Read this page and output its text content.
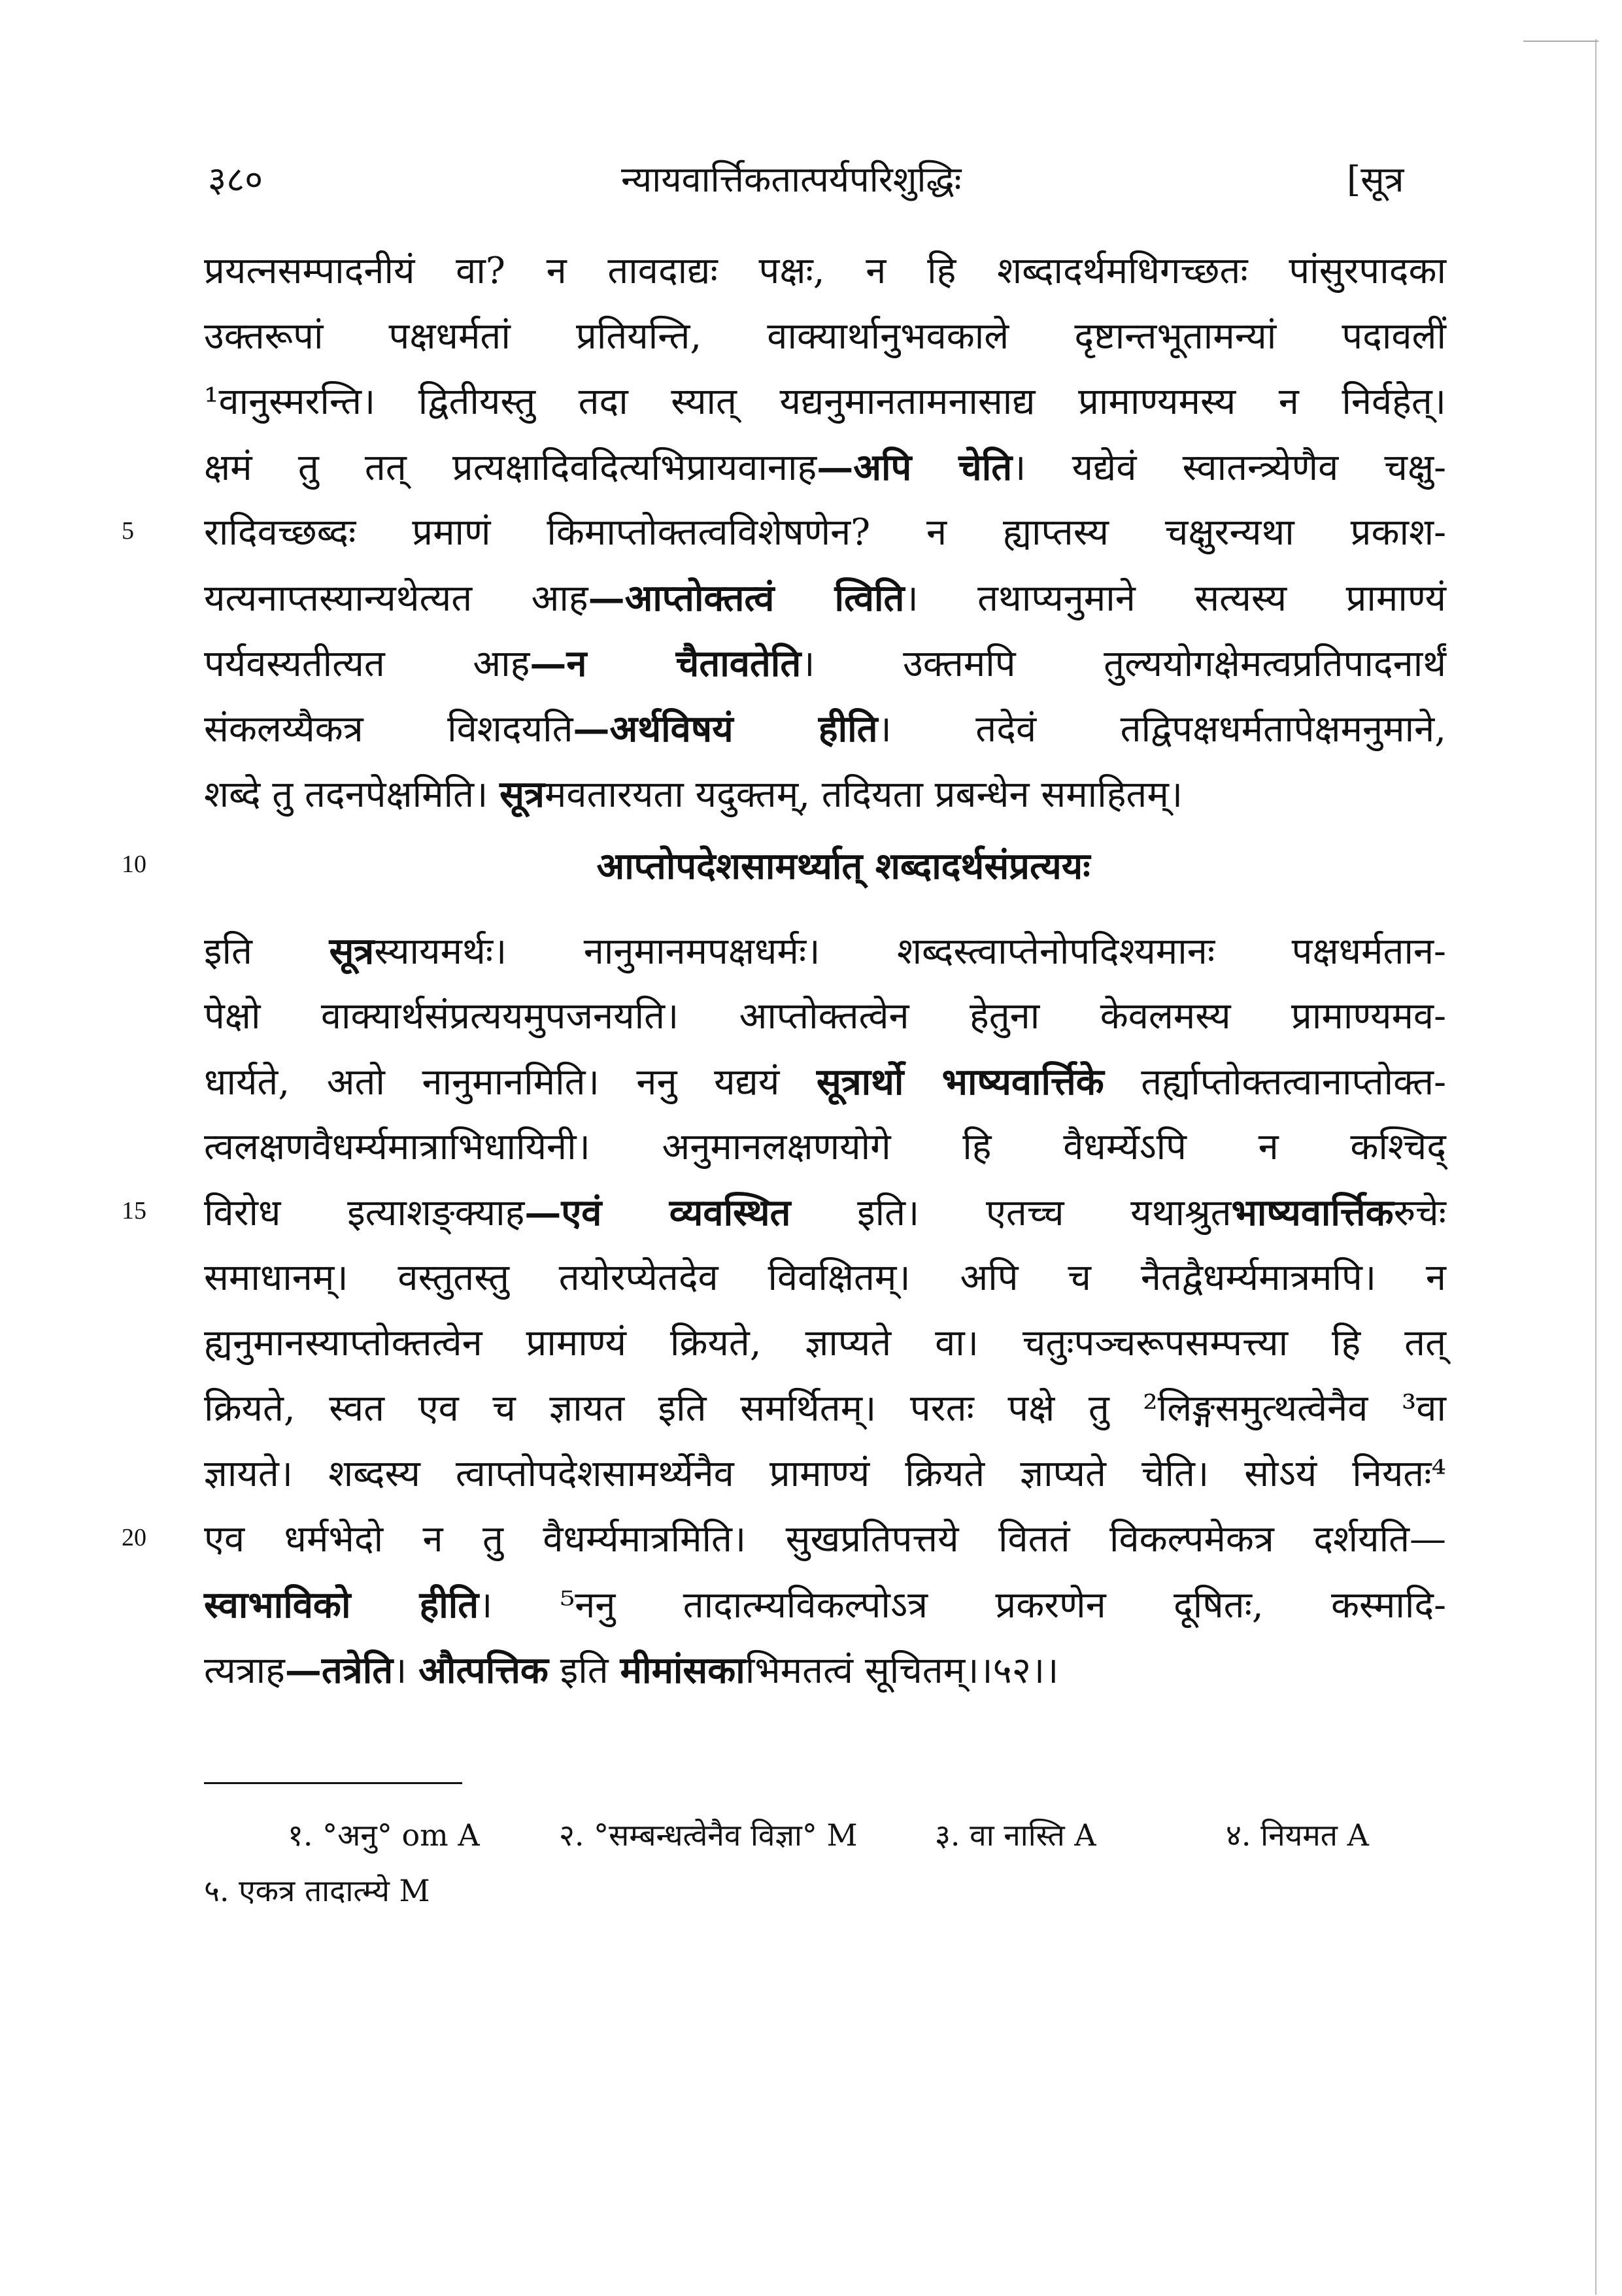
३८०	न्यायवार्त्तिकतात्पर्यपरिशुद्धिः	[सूत्र
प्रयत्नसम्पादनीयं वा? न तावदाद्यः पक्षः, न हि शब्दादर्थमधिगच्छतः पांसुरपादका
उक्तरूपां पक्षधर्मतां प्रतियन्ति, वाक्यार्थानुभवकाले दृष्टान्तभूतामन्यां पदावलीं
¹वानुस्मरन्ति। द्वितीयस्तु तदा स्यात् यद्यनुमानतामनासाद्य प्रामाण्यमस्य न निर्वहेत्।
क्षमं तु तत् प्रत्यक्षादिवदित्यभिप्रायवानाह—अपि चेति। यद्येवं स्वातन्त्र्येणैव चक्षु-
रादिवच्छब्दः प्रमाणं किमाप्तोक्तत्वविशेषणेन? न ह्याप्तस्य चक्षुरन्यथा प्रकाश-
यत्यनाप्तस्यान्यथेत्यत आह—आप्तोक्तत्वं त्विति। तथाप्यनुमाने सत्यस्य प्रामाण्यं
पर्यवस्यतीत्यत आह—न चैतावतेति। उक्तमपि तुल्ययोगक्षेमत्वप्रतिपादनार्थं
संकलय्यैकत्र विशदयति—अर्थविषयं हीति। तदेवं तद्विपक्षधर्मतापेक्षमनुमाने,
शब्दे तु तदनपेक्षमिति। सूत्रमवतारयता यदुक्तम्, तदियता प्रबन्धेन समाहितम्।
आप्तोपदेशसामर्थ्यात् शब्दादर्थसंप्रत्ययः
इति सूत्रस्यायमर्थः। नानुमानमपक्षधर्मः। शब्दस्त्वाप्तेनोपदिश्यमानः पक्षधर्मतान-
पेक्षो वाक्यार्थसंप्रत्ययमुपजनयति। आप्तोक्तत्वेन हेतुना केवलमस्य प्रामाण्यमव-
धार्यते, अतो नानुमानमिति। ननु यद्ययं सूत्रार्थो भाष्यवार्त्तिके तर्ह्याप्तोक्तत्वानाप्तोक्त-
त्वलक्षणवैधर्म्यमात्राभिधायिनी। अनुमानलक्षणयोगे हि वैधर्म्येऽपि न कश्चिद्
विरोध इत्याशङ्क्याह—एवं व्यवस्थित इति। एतच्च यथाश्रुतभाष्यवार्त्तिकरुचेः
समाधानम्। वस्तुतस्तु तयोरप्येतदेव विवक्षितम्। अपि च नैतद्वैधर्म्यमात्रमपि। न
ह्यनुमानस्याप्तोक्तत्वेन प्रामाण्यं क्रियते, ज्ञाप्यते वा। चतुःपञ्चरूपसम्पत्त्या हि तत्
क्रियते, स्वत एव च ज्ञायत इति समर्थितम्। परतः पक्षे तु ²लिङ्गसमुत्थत्वेनैव ³वा
ज्ञायते। शब्दस्य त्वाप्तोपदेशसामर्थ्येनैव प्रामाण्यं क्रियते ज्ञाप्यते चेति। सोऽयं नियतः⁴
एव धर्मभेदो न तु वैधर्म्यमात्रमिति। सुखप्रतिपत्तये विततं विकल्पमेकत्र दर्शयति—
स्वाभाविको हीति। ⁵ननु तादात्म्यविकल्पोऽत्र प्रकरणेन दूषितः, कस्मादि-
त्यत्राह—तत्रेति। औत्पत्तिक इति मीमांसकाभिमतत्वं सूचितम्।।५२।।
5
10
15
20
१. °अनु° om A	२. °सम्बन्धत्वेनैव विज्ञा° M	३. वा नास्ति A	४. नियमत A
५. एकत्र तादात्म्ये M
